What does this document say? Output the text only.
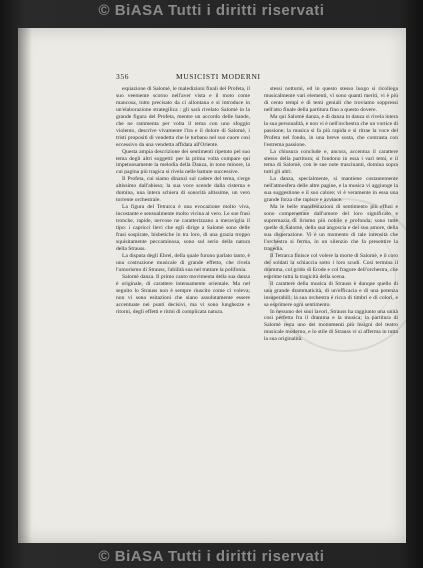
© BiASA Tutti i diritti riservati
356	MUSICISTI MODERNI

espiazione di Salomè, le maledizioni finali del Profeta, il suo veemente scorno nell'aver vista e il moto come mancosa, tutto precisato da ci allontana e si introduce in un'elaborazione strategilica : gli sarà rivelato Salomè in la grande figura del Profeta, mentre un accordo delle bande, che ne rammenta per volta il tema con uno sfoggio violento, descrive vivamente l'ira e il dolore di Salomè, i tristi propositi di vendetta che le turbano nel suo cuore così eccessivo da una vendetta affidata all'Oriente.

Questa ampia descrizione dei sentimenti ripetuto pel suo tema degli altri soggetti: per la prima volta compare qui impetuosamente la melodia della Danza, in tono minore, la cui pagina più tragica si rivela nelle battute successive.

Il Profeta, cui siamo dinanzi sul cadere del tema, s'erge altissimo dall'abisso; la sua voce scende dalla cisterna e domina, una intera schiera di sonorità altissime, un vero torrente orchestrale.

La figura del Tetrarca è una evocazione molto viva, incostante e sensualmente molto vicina al vero. Le sue frasi tronche, rapide, nervose ne caratterizzano a meraviglia il tipo: i capricci lievi che egli dirige a Salomè sono delle frasi sospirate, bisbetiche in tra loro, di una grazia troppo squisitamente peccaminosa, sono sul serio della natura della Strauss.

La disputa degli Ebrei, della quale furono parlato tanto, è una costruzione musicale di grande effetto, che rivela l'umorismo di Strauss, l'abilità sua nel trattare la polifonia.

Salomè danza. Il primo canto movimenta della sua danza è originale, di carattere intensamente orientale. Ma nel seguito lo Strauss non è sempre riuscito come ci voleva; non vi sono esitazioni che siano assolutamente essere accentuate nei punti decisivi, ma vi sono lunghezze e ritorni, degli effetti e ritmi di complicata natura.

stessi notturni, ed in questo stesso luogo si ricollega musicalmente vari elementi, vi sono quanti meriti, vi è più di cento tempi e di temi geniali che troviamo soppressi nell'atto finale della partitura fino a questo dovere.

Ma qui Salomè danza, e di danza in danza si rivela intera la sua personalità, e non vi è nell'orchestra che un vortice di passione; la musica si fa più rapida e si ritrae la voce del Profeta nel fondo, in una breve sosta, che contrasta con l'estrema passione.

La chiusura conclude e, ancora, accentua il carattere stesso della partitura; si fondono in essa i vari temi, e il tema di Salomè, con le sue note trascinanti, domina sopra tutti gli altri.

La danza, specialmente, si mantiene costantemente nell'atmosfera delle altre pagine, e la musica vi aggiunge la sua suggestione e il suo calore; vi è veramente in essa una grande forza che rapisce e avvince.

Ma le belle manifestazioni di sentimento più effusi e sono compenetrate dall'umore del loro significato e supremazia di lirismo più nobile e profonda; sono tutte quelle di Salomè, della sua angoscia e del suo amore, della sua disperazione. Vi è un momento di tale intensità che l'orchestra si ferma, in un silenzio che fa presentire la tragedia.

Il Tetrarca finisce col volere la morte di Salomè, e il coro dei soldati la schiaccia sotto i loro scudi. Così termina il dramma, col grido di Erode e col fragore dell'orchestra, che esprime tutta la tragicità della scena.

Il carattere della musica di Strauss è dunque quello di una grande drammaticità, di un'efficacia e di una potenza insuperabili; la sua orchestra è ricca di timbri e di colori, e sa esprimere ogni sentimento.

In nessuno dei suoi lavori, Strauss ha raggiunto una unità così perfetta fra il dramma e la musica; la partitura di Salomè resta uno dei monumenti più insigni del teatro musicale moderno, e lo stile di Strauss vi si afferma in tutta la sua originalità.

© BiASA Tutti i diritti riservati
